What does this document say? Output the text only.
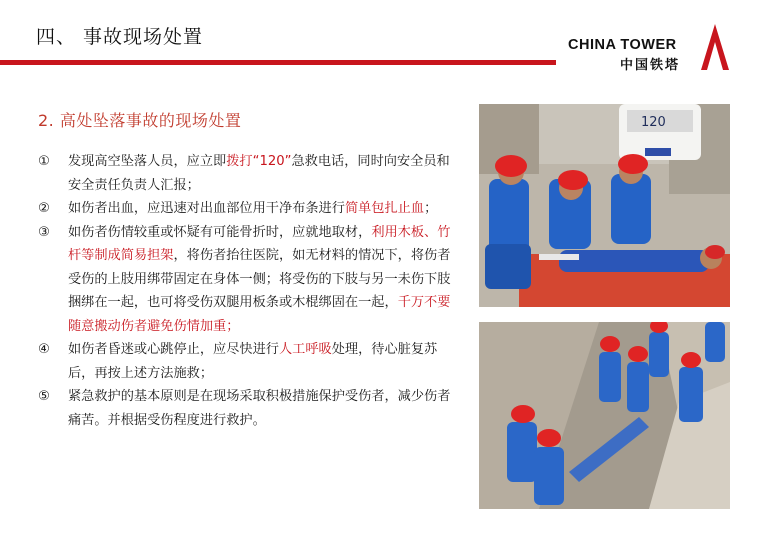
四、 事故现场处置	CHINA TOWER
中国铁塔
2. 高处坠落事故的现场处置
①	发现高空坠落人员，应立即拨打“120”急救电话，同时向安全员和安全责任负责人汇报；
②	如伤者出血，应迅速对出血部位用干净布条进行简单包扎止血；
③	如伤者伤情较重或怀疑有可能骨折时，应就地取材，利用木板、竹杆等制成简易担架，将伤者抬往医院，如无材料的情况下，将伤者受伤的上肢用绑带固定在身体一侧；将受伤的下肢与另一未伤下肢捆绑在一起，也可将受伤双腿用板条或木棍绑固在一起，千万不要随意搬动伤者避免伤情加重；
④	如伤者昏迷或心跳停止，应尽快进行人工呼吸处理，待心脏复苏后，再按上述方法施救；
⑤	紧急救护的基本原则是在现场采取积极措施保护受伤者，减少伤者痛苦。并根据受伤程度进行救护。
120
